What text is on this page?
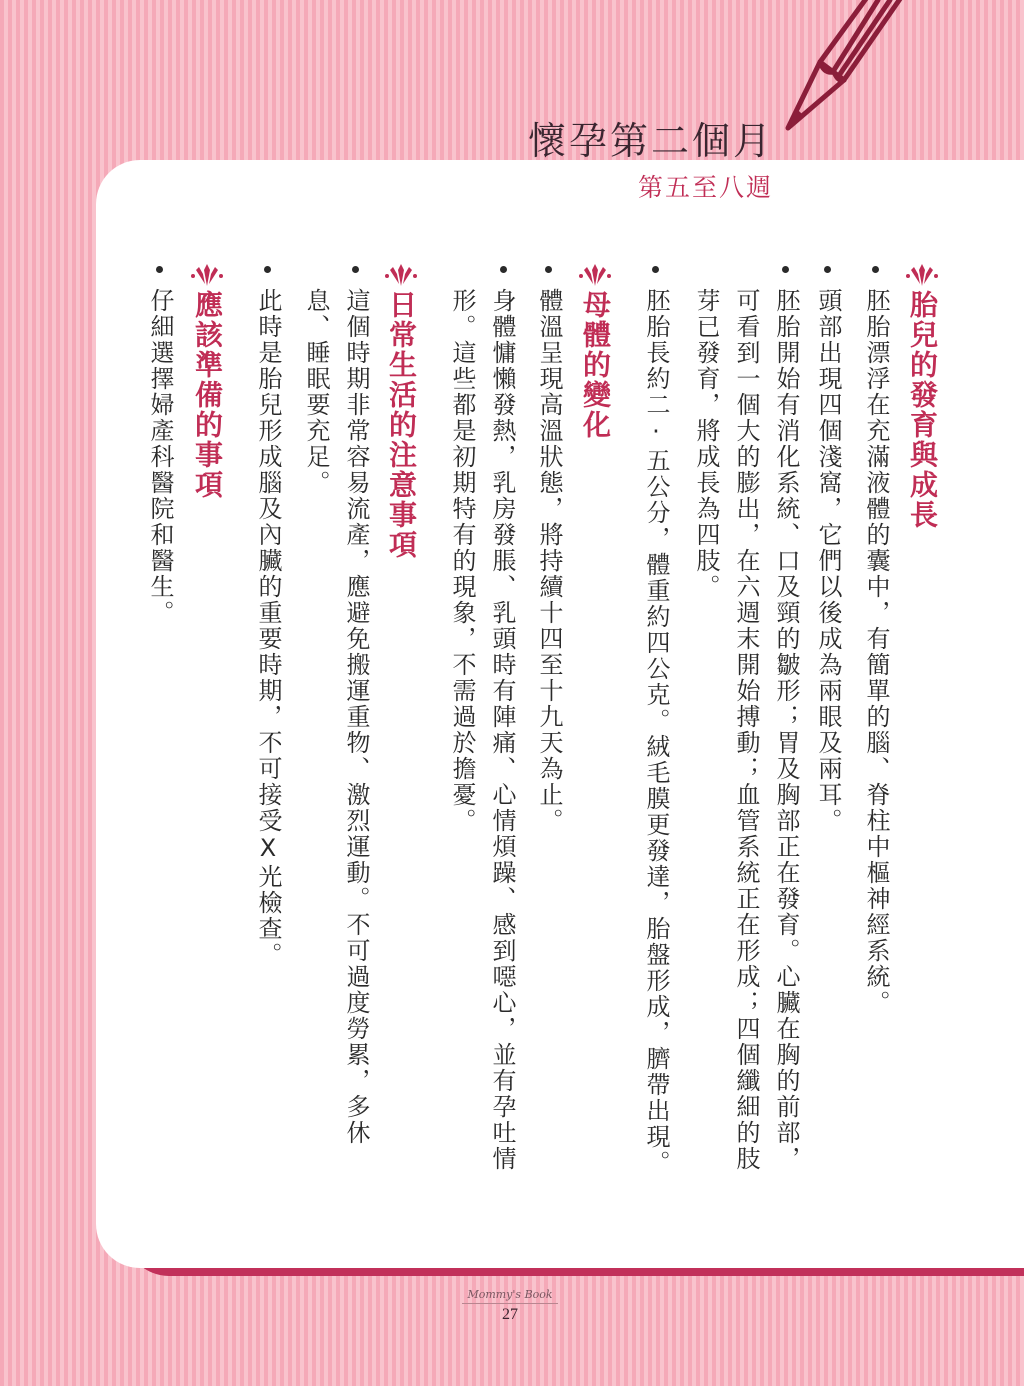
懷孕第二個月
第五至八週
胎兒的發育與成長
胚胎漂浮在充滿液體的囊中，有簡單的腦、脊柱中樞神經系統。
頭部出現四個淺窩，它們以後成為兩眼及兩耳。
胚胎開始有消化系統、口及頸的皺形；胃及胸部正在發育。心臟在胸的前部，可看到一個大的膨出，在六週末開始搏動；血管系統正在形成；四個纖細的肢芽已發育，將成長為四肢。
胚胎長約二‧五公分，體重約四公克。絨毛膜更發達，胎盤形成，臍帶出現。
母體的變化
體溫呈現高溫狀態，將持續十四至十九天為止。
身體慵懶發熱，乳房發脹、乳頭時有陣痛、心情煩躁、感到噁心，並有孕吐情形。這些都是初期特有的現象，不需過於擔憂。
日常生活的注意事項
這個時期非常容易流產，應避免搬運重物、激烈運動。不可過度勞累，多休息、睡眠要充足。
此時是胎兒形成腦及內臟的重要時期，不可接受X光檢查。
應該準備的事項
仔細選擇婦產科醫院和醫生。
Mommy's Book
27
